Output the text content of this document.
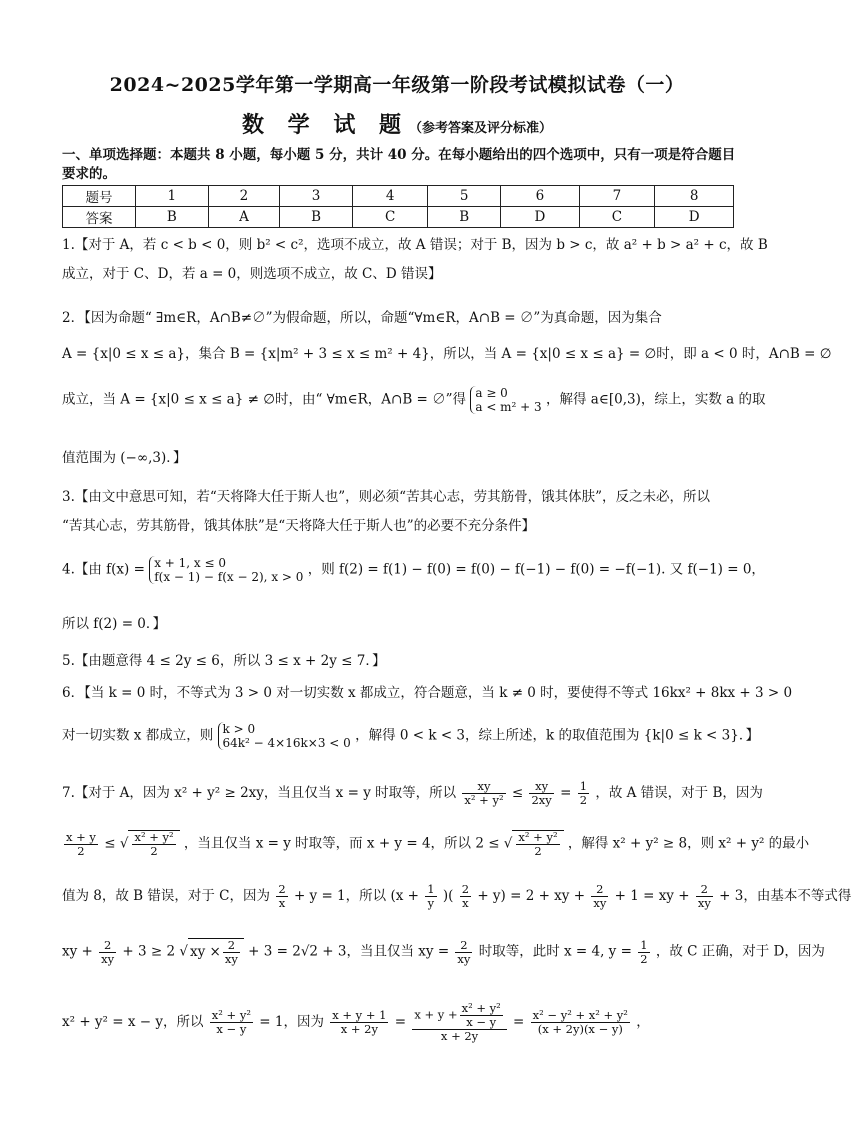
2024~2025学年第一学期高一年级第一阶段考试模拟试卷（一）
数 学 试 题（参考答案及评分标准）
一、单项选择题：本题共 8 小题，每小题 5 分，共计 40 分。在每小题给出的四个选项中，只有一项是符合题目要求的。
题号	1	2	3	4	5	6	7	8
答案	B	A	B	C	B	D	C	D
1.【对于 A，若 c < b < 0，则 b² < c²，选项不成立，故 A 错误；对于 B，因为 b > c，故 a² + b > a² + c，故 B
成立，对于 C、D，若 a = 0，则选项不成立，故 C、D 错误】
2．【因为命题“ ∃m∈R，A∩B≠∅”为假命题，所以，命题“∀m∈R，A∩B = ∅”为真命题，因为集合
A = {x|0 ≤ x ≤ a}，集合 B = {x|m² + 3 ≤ x ≤ m² + 4}，所以，当 A = {x|0 ≤ x ≤ a} = ∅时，即 a < 0 时，A∩B = ∅
成立，当 A = {x|0 ≤ x ≤ a} ≠ ∅时，由“ ∀m∈R，A∩B = ∅”得 a ≥ 0
a < m² + 3 ，解得 a∈[0,3)，综上，实数 a 的取
值范围为 (−∞,3)．】
3.【由文中意思可知，若“天将降大任于斯人也”，则必须“苦其心志，劳其筋骨，饿其体肤”，反之未必，所以
“苦其心志，劳其筋骨，饿其体肤”是“天将降大任于斯人也”的必要不充分条件】
4.【由 f(x) = x + 1, x ≤ 0
f(x − 1) − f(x − 2), x > 0 ，则 f(2) = f(1) − f(0) = f(0) − f(−1) − f(0) = −f(−1). 又 f(−1) = 0，
所以 f(2) = 0．】
5.【由题意得 4 ≤ 2y ≤ 6，所以 3 ≤ x + 2y ≤ 7．】
6．【当 k = 0 时，不等式为 3 > 0 对一切实数 x 都成立，符合题意，当 k ≠ 0 时，要使得不等式 16kx² + 8kx + 3 > 0
对一切实数 x 都成立，则 k > 0
64k² − 4×16k×3 < 0 ，解得 0 < k < 3，综上所述，k 的取值范围为 {k|0 ≤ k < 3}．】
7.【对于 A，因为 x² + y² ≥ 2xy，当且仅当 x = y 时取等，所以 $\frac{xy}{\text{x² + y²}} \le \frac{xy}{2xy} = \frac{1}{2}$ ，故 A 错误，对于 B，因为
$\frac{x + y}{2}$ ≤ √ $\frac{\text{x² + y²}}{2}$ ，当且仅当 x = y 时取等，而 x + y = 4，所以 2 ≤ √ $\frac{\text{x² + y²}}{2}$ ，解得 x² + y² ≥ 8，则 x² + y² 的最小
值为 8，故 B 错误，对于 C，因为 $\frac{2}{x} + y = 1$，所以 ($x + \frac{1}{y}$ )( $\frac{2}{x} + y) = 2$ + xy + $\frac{2}{xy} + 1$ = xy + $\frac{2}{xy} + 3$，由基本不等式得
xy + $\frac{2}{xy} + 3 \ge 2$ √ xy × $\frac{2}{xy} + 3 = 2√2 + 3$，当且仅当 xy = $\frac{2}{xy}$ 时取等，此时 x = 4, $y = \frac{1}{2}$ ，故 C 正确，对于 D，因为
x² + y² = x − y，所以 $\frac{\text{x² + y²}}{x - y} = 1$，因为 $\frac{x + y + 1}{x + 2y} = \frac{x + y + \frac{\text{x² + y²}}{x - y}}{x + 2y} = \frac{\text{x² − y² + x² + y²}}{(x + 2y)(x - y)}$ ，
